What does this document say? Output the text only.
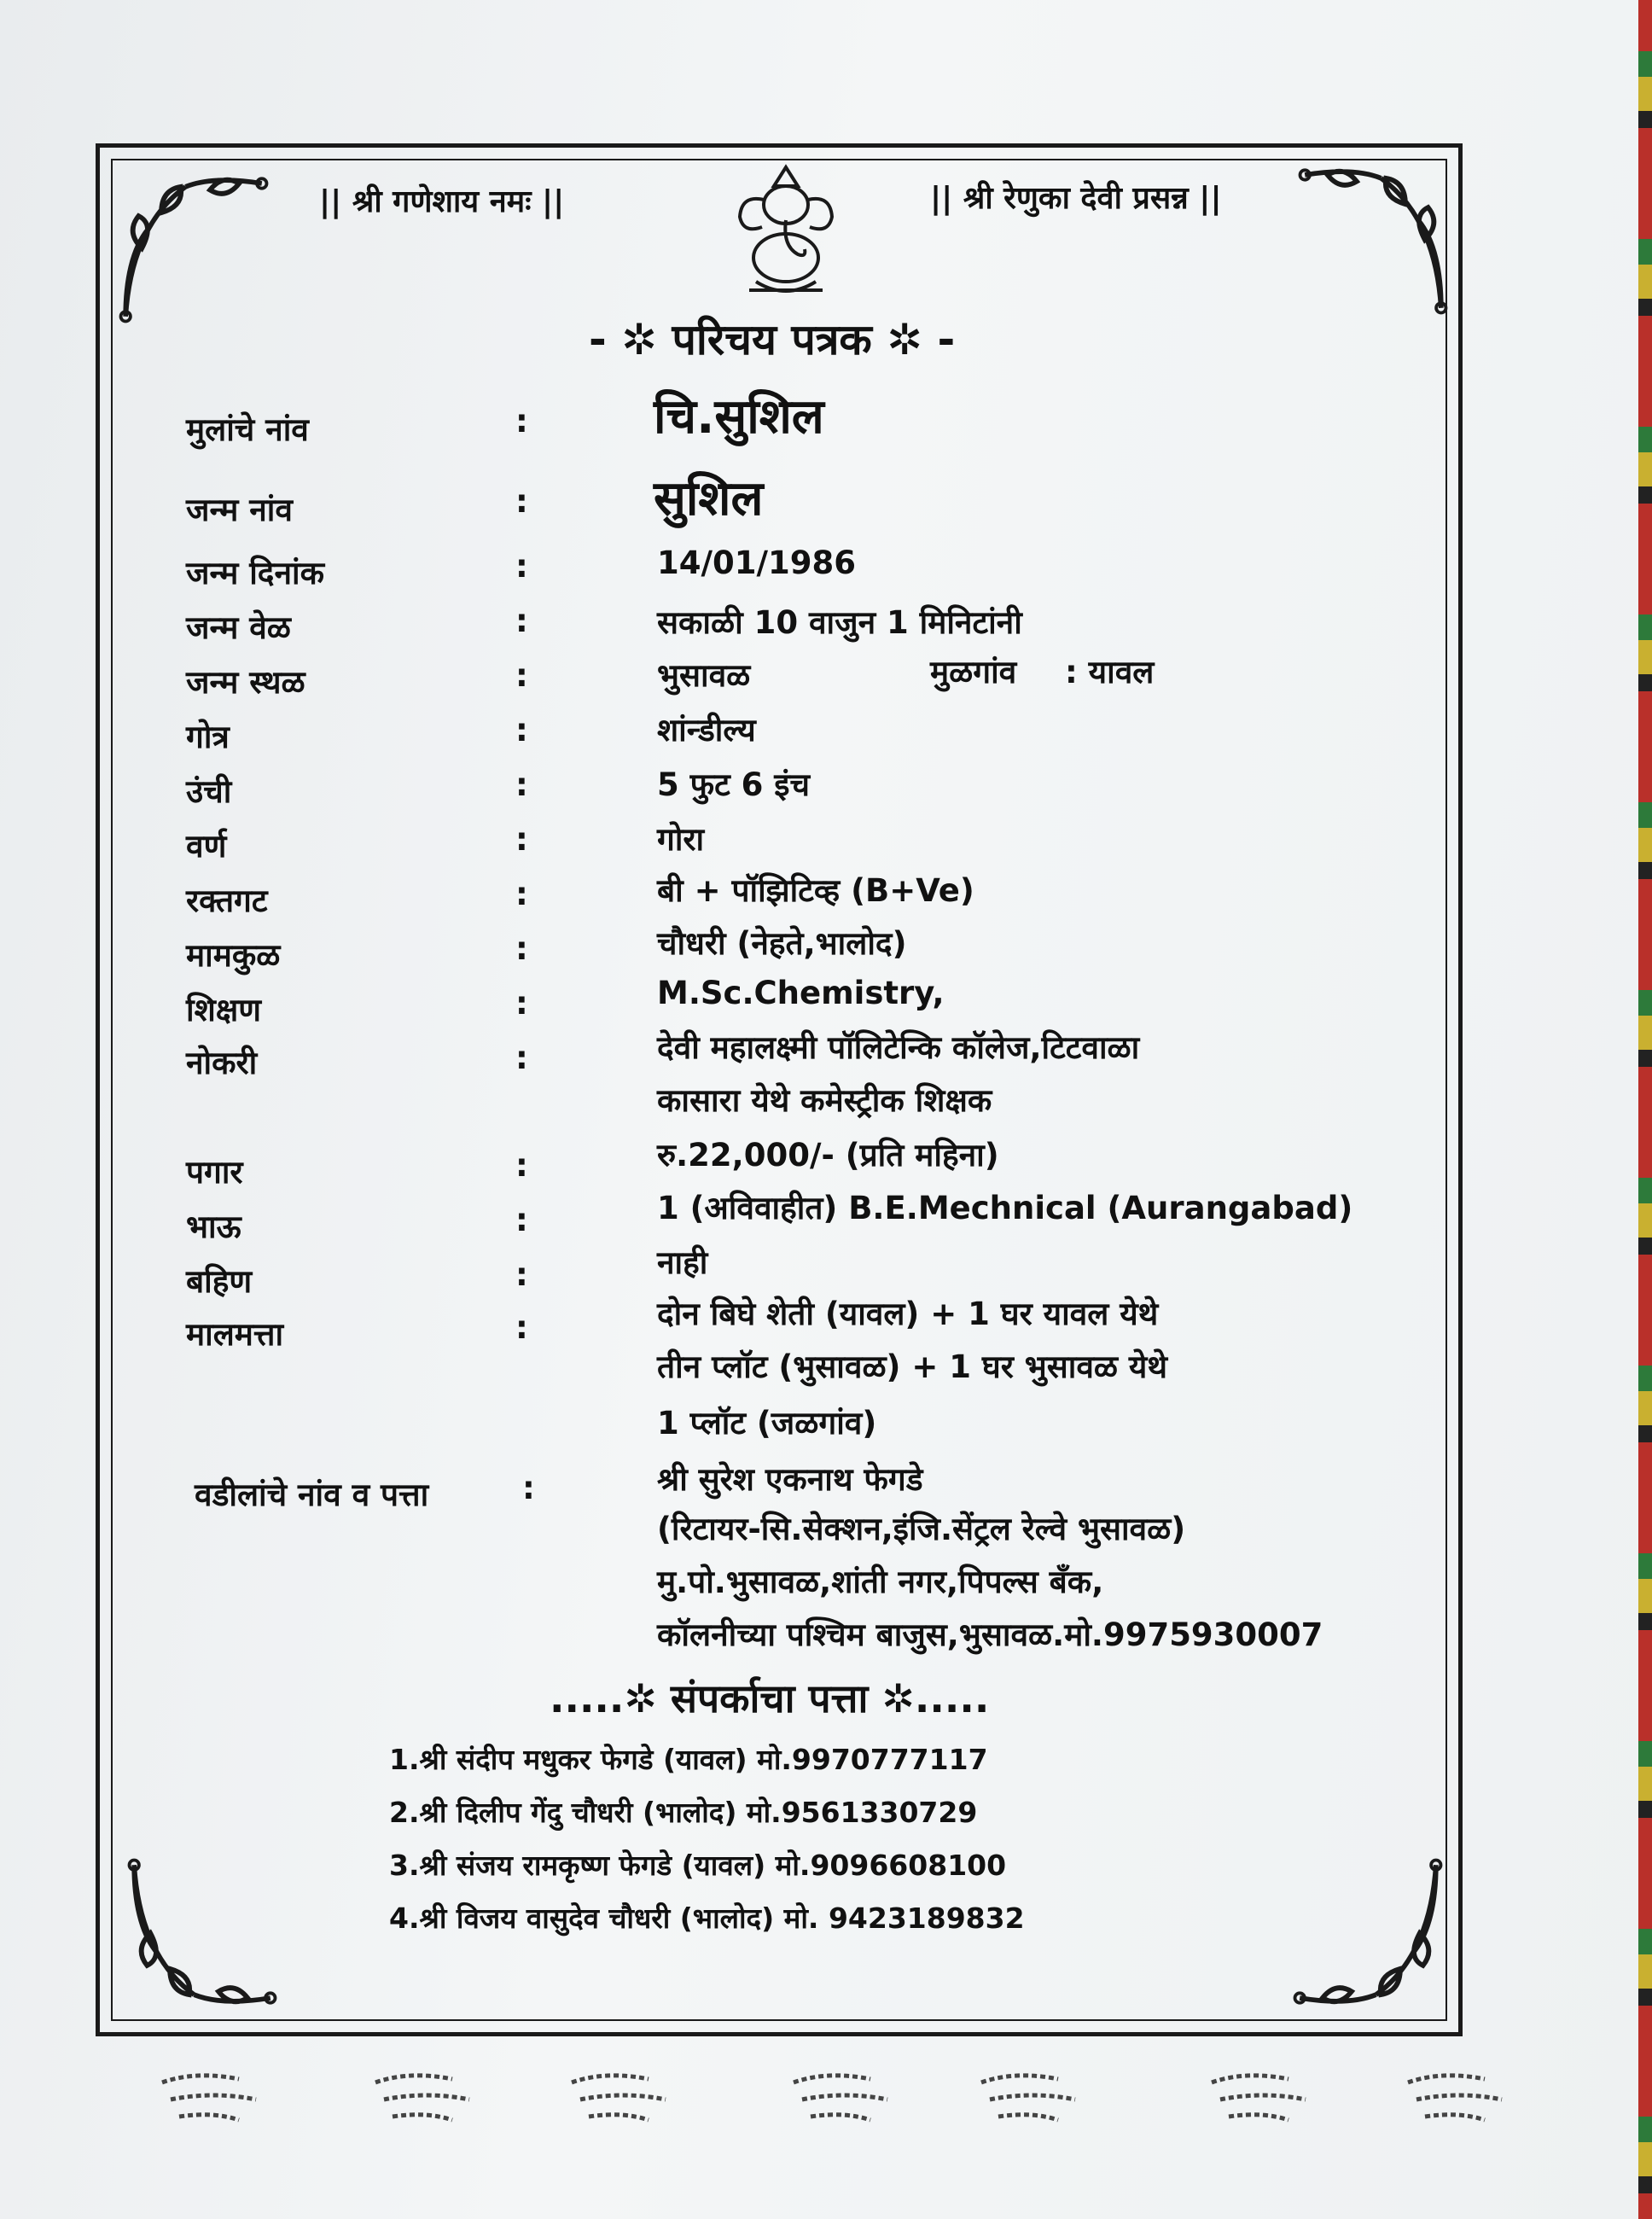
|| श्री गणेशाय नमः ||	|| श्री रेणुका देवी प्रसन्न ||
- ✲ परिचय पत्रक ✲ -
मुलांचे नांव	:	चि.सुशिल
जन्म नांव	:	सुशिल
जन्म दिनांक	:	14/01/1986
जन्म वेळ	:	सकाळी 10 वाजुन 1 मिनिटांनी
जन्म स्थळ	:	भुसावळ	मुळगांव : यावल
गोत्र	:	शांन्डील्य
उंची	:	5 फुट 6 इंच
वर्ण	:	गोरा
रक्तगट	:	बी + पॉझिटिव्ह (B+Ve)
मामकुळ	:	चौधरी (नेहते,भालोद)
शिक्षण	:	M.Sc.Chemistry,
नोकरी	:	देवी महालक्ष्मी पॉलिटेन्कि कॉलेज,टिटवाळा
कासारा येथे कमेस्ट्रीक शिक्षक
पगार	:	रु.22,000/- (प्रति महिना)
भाऊ	:	1 (अविवाहीत) B.E.Mechnical (Aurangabad)
बहिण	:	नाही
मालमत्ता	:	दोन बिघे शेती (यावल) + 1 घर यावल येथे
तीन प्लॉट (भुसावळ) + 1 घर भुसावळ येथे
1 प्लॉट (जळगांव)
वडीलांचे नांव व पत्ता	:	श्री सुरेश एकनाथ फेगडे
(रिटायर-सि.सेक्शन,इंजि.सेंट्रल रेल्वे भुसावळ)
मु.पो.भुसावळ,शांती नगर,पिपल्स बँक,
कॉलनीच्या पश्चिम बाजुस,भुसावळ.मो.9975930007
.....✲ संपर्काचा पत्ता ✲.....
1.श्री संदीप मधुकर फेगडे (यावल) मो.9970777117
2.श्री दिलीप गेंदु चौधरी (भालोद) मो.9561330729
3.श्री संजय रामकृष्ण फेगडे (यावल) मो.9096608100
4.श्री विजय वासुदेव चौधरी (भालोद) मो. 9423189832
